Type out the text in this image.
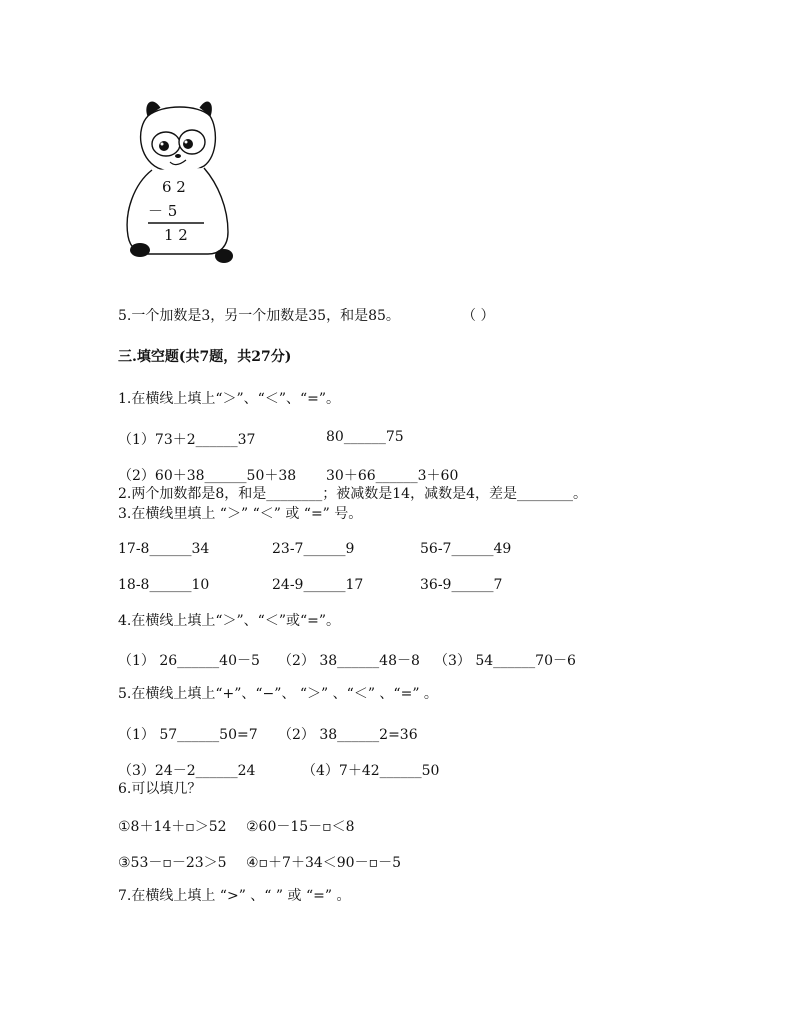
6 2
－ 5
1 2
5.一个加数是3，另一个加数是35，和是85。	（ ）
三.填空题(共7题，共27分)
1.在横线上填上“＞”、“＜”、“=”。
（1）73＋2______37	80______75
（2）60＋38______50＋38 30＋66______3＋60
2.两个加数都是8，和是________；被减数是14，减数是4，差是________。
3.在横线里填上 “＞” “＜” 或 “=” 号。
17-8______34	23-7______9	56-7______49
18-8______10	24-9______17	36-9______7
4.在横线上填上“＞”、“＜”或“=”。
（1） 26______40－5 （2） 38______48－8 （3） 54______70－6
5.在横线上填上“+”、“−”、 “＞” 、“＜” 、“=” 。
（1） 57______50=7 （2） 38______2=36
（3）24－2______24	（4）7＋42______50
6.可以填几？
①8＋14＋▫＞52 ②60－15－▫＜8
③53－▫－23＞5 ④▫＋7＋34＜90－▫－5
7.在横线上填上 “>” 、“ ” 或 “=” 。
